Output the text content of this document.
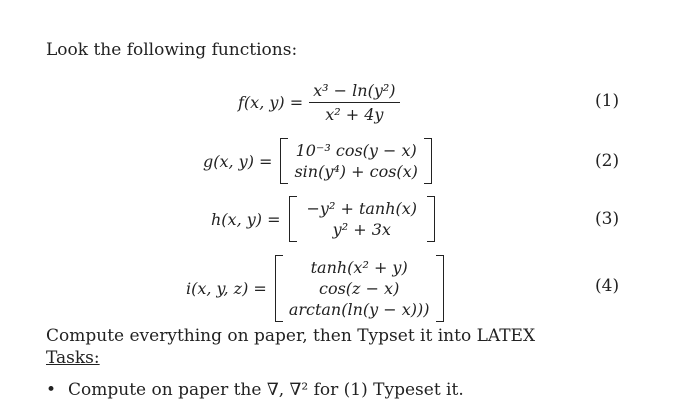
Look the following functions:
f(x, $y) = \frac{\text{x³ − ln(y²)}}{\text{x² + 4y}}$	(1)
g(x, y) =
10⁻³ cos(y − x)
sin(y⁴) + cos(x)
(2)
h(x, y) =
−y² + tanh(x)
y² + 3x
(3)
i(x, y, z) =
tanh(x² + y)
cos(z − x)
arctan(ln(y − x)))
(4)
Compute everything on paper, then Typset it into LATEX
Tasks:
• Compute on paper the ∇, ∇² for (1) Typeset it.
